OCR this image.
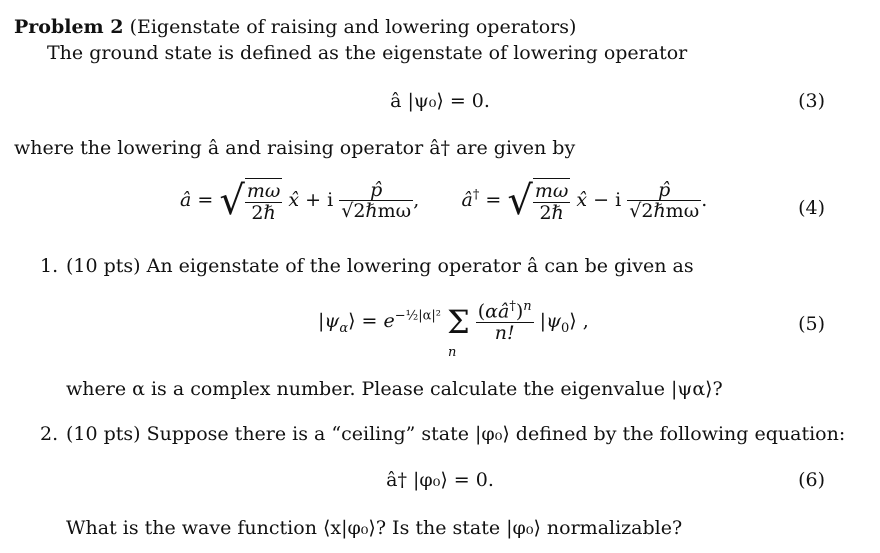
Problem 2 (Eigenstate of raising and lowering operators)
The ground state is defined as the eigenstate of lowering operator
â |ψ₀⟩ = 0.	(3)
where the lowering â and raising operator â† are given by
â = √ $\frac{m\omega}{\text{2ℏ}}$ x̂ + i $\frac{p̂}{\text{√2ℏmω}}$ ,       â† = √ $\frac{m\omega}{\text{2ℏ}}$ x̂ − i $\frac{p̂}{\text{√2ℏmω}}$ .	(4)
1. (10 pts) An eigenstate of the lowering operator â can be given as
$|\psi_\alpha⟩ = e^{-\frac{1}{2}|\alpha|^2}$ Σ $\frac{(\alpha â^\dagger)^n}{n!}$ $|\psi_0⟩$ ,
n
(5)
where α is a complex number. Please calculate the eigenvalue |ψα⟩?
2. (10 pts) Suppose there is a “ceiling” state |φ₀⟩ defined by the following equation:
â† |φ₀⟩ = 0.	(6)
What is the wave function ⟨x|φ₀⟩? Is the state |φ₀⟩ normalizable?
